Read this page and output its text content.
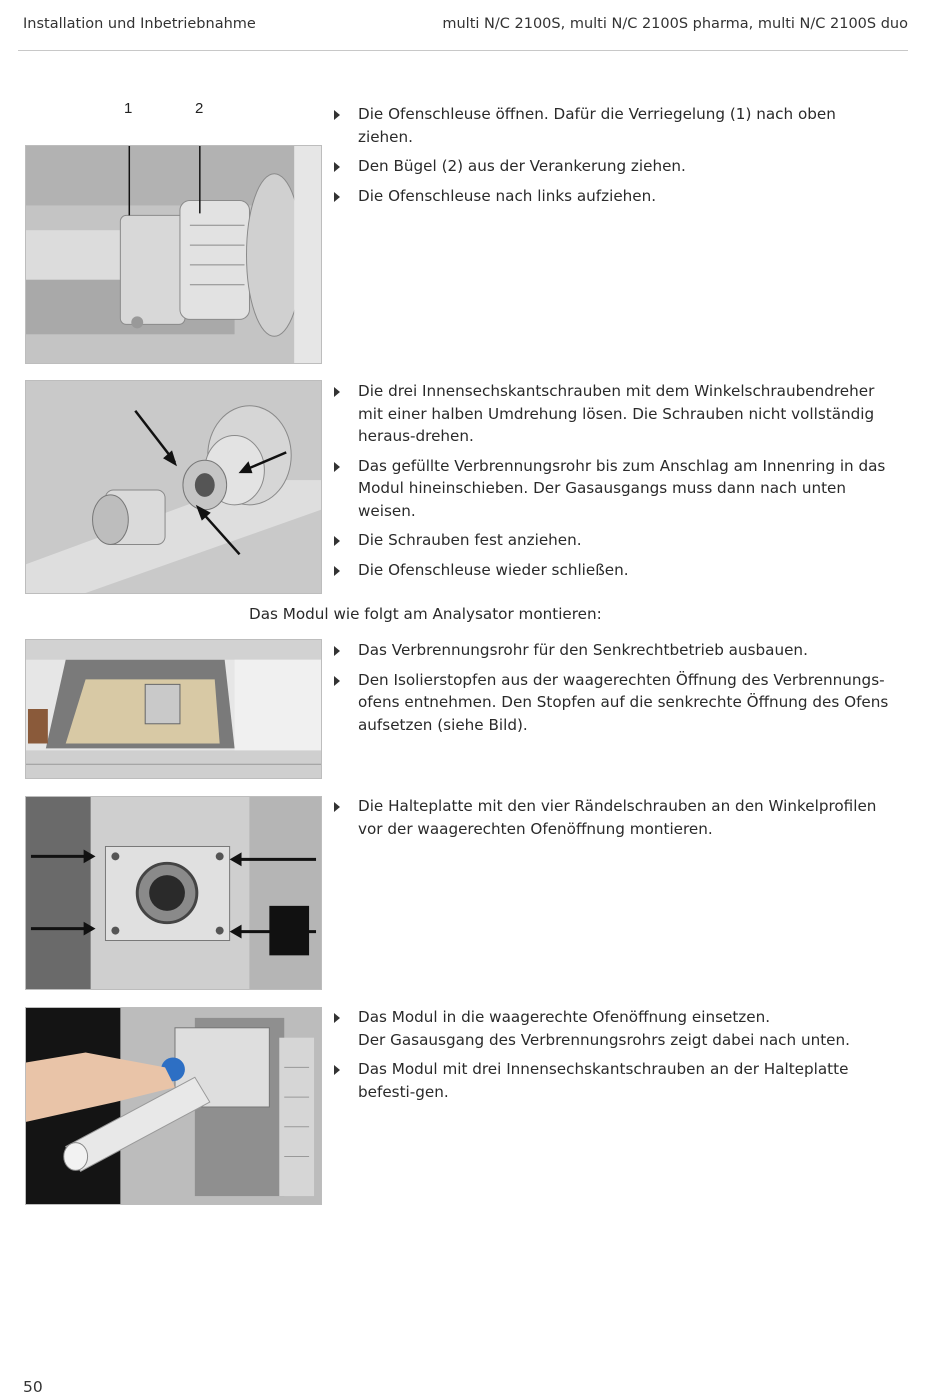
Installation und Inbetriebnahme	multi N/C 2100S, multi N/C 2100S pharma, multi N/C 2100S duo
1	2	Die Ofenschleuse öffnen. Dafür die Verriegelung (1) nach oben ziehen.
Den Bügel (2) aus der Verankerung ziehen.
Die Ofenschleuse nach links aufziehen.
Die drei Innensechskantschrauben mit dem Winkelschraubendreher mit einer halben Umdrehung lösen. Die Schrauben nicht vollständig heraus-drehen.
Das gefüllte Verbrennungsrohr bis zum Anschlag am Innenring in das Modul hineinschieben. Der Gasausgangs muss dann nach unten weisen.
Die Schrauben fest anziehen.
Die Ofenschleuse wieder schließen.
Das Modul wie folgt am Analysator montieren:
Das Verbrennungsrohr für den Senkrechtbetrieb ausbauen.
Den Isolierstopfen aus der waagerechten Öffnung des Verbrennungs-ofens entnehmen. Den Stopfen auf die senkrechte Öffnung des Ofens aufsetzen (siehe Bild).
Die Halteplatte mit den vier Rändelschrauben an den Winkelprofilen vor der waagerechten Ofenöffnung montieren.
Das Modul in die waagerechte Ofenöffnung einsetzen.
Der Gasausgang des Verbrennungsrohrs zeigt dabei nach unten.
Das Modul mit drei Innensechskantschrauben an der Halteplatte befesti-gen.
50
